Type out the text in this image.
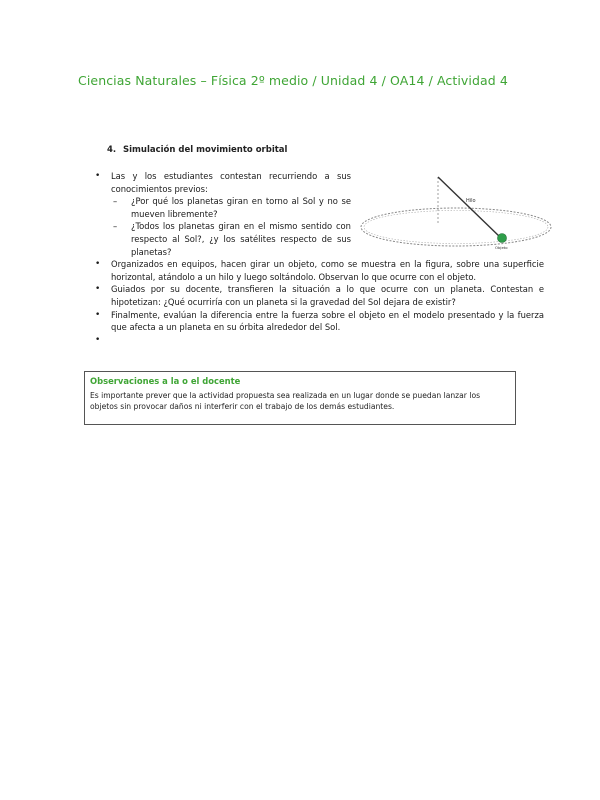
Ciencias Naturales – Física 2º medio / Unidad 4 / OA14 / Actividad 4
4. Simulación del movimiento orbital
• Las y los estudiantes contestan recurriendo a sus conocimientos previos:
– ¿Por qué los planetas giran en torno al Sol y no se mueven libremente?
– ¿Todos los planetas giran en el mismo sentido con respecto al Sol?, ¿y los satélites respecto de sus planetas?
• Organizados en equipos, hacen girar un objeto, como se muestra en la figura, sobre una superficie horizontal, atándolo a un hilo y luego soltándolo. Observan lo que ocurre con el objeto.
• Guiados por su docente, transfieren la situación a lo que ocurre con un planeta. Contestan e hipotetizan: ¿Qué ocurriría con un planeta si la gravedad del Sol dejara de existir?
• Finalmente, evalúan la diferencia entre la fuerza sobre el objeto en el modelo presentado y la fuerza que afecta a un planeta en su órbita alrededor del Sol.
•
Hilo
Objeto
Observaciones a la o el docente
Es importante prever que la actividad propuesta sea realizada en un lugar donde se puedan lanzar los objetos sin provocar daños ni interferir con el trabajo de los demás estudiantes.
